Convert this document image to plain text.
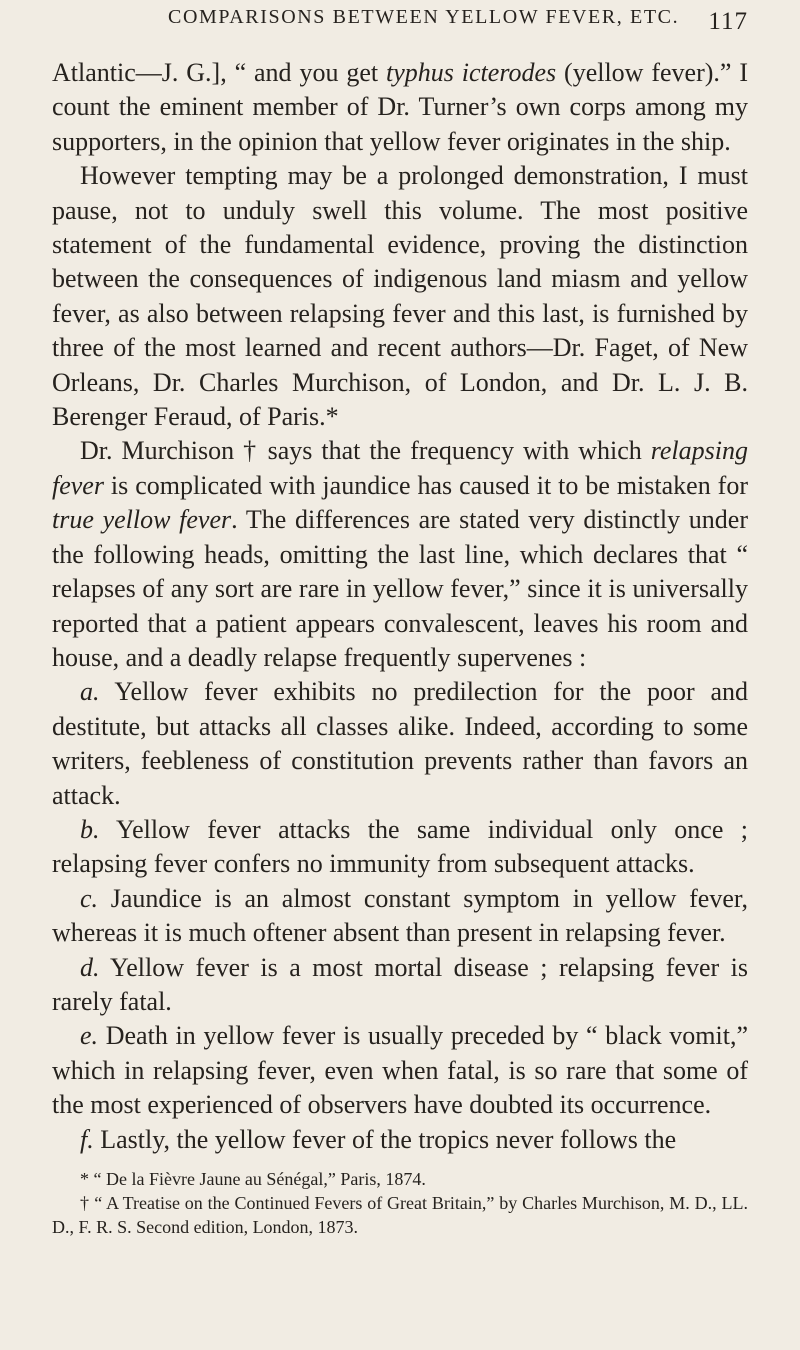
COMPARISONS BETWEEN YELLOW FEVER, ETC. 117

Atlantic—J. G.], “ and you get typhus icterodes (yellow fever).” I count the eminent member of Dr. Turner’s own corps among my supporters, in the opinion that yellow fever originates in the ship.

However tempting may be a prolonged demonstration, I must pause, not to unduly swell this volume. The most positive statement of the fundamental evidence, proving the distinction between the consequences of indigenous land miasm and yellow fever, as also between relapsing fever and this last, is furnished by three of the most learned and recent authors—Dr. Faget, of New Orleans, Dr. Charles Murchison, of London, and Dr. L. J. B. Berenger Feraud, of Paris.*

Dr. Murchison † says that the frequency with which relapsing fever is complicated with jaundice has caused it to be mistaken for true yellow fever. The differences are stated very distinctly under the following heads, omitting the last line, which declares that “ relapses of any sort are rare in yellow fever,” since it is universally reported that a patient appears convalescent, leaves his room and house, and a deadly relapse frequently supervenes :

a. Yellow fever exhibits no predilection for the poor and destitute, but attacks all classes alike. Indeed, according to some writers, feebleness of constitution prevents rather than favors an attack.

b. Yellow fever attacks the same individual only once ; relapsing fever confers no immunity from subsequent attacks.

c. Jaundice is an almost constant symptom in yellow fever, whereas it is much oftener absent than present in relapsing fever.

d. Yellow fever is a most mortal disease ; relapsing fever is rarely fatal.

e. Death in yellow fever is usually preceded by “ black vomit,” which in relapsing fever, even when fatal, is so rare that some of the most experienced of observers have doubted its occurrence.

f. Lastly, the yellow fever of the tropics never follows the

* “ De la Fièvre Jaune au Sénégal,” Paris, 1874.

† “ A Treatise on the Continued Fevers of Great Britain,” by Charles Murchison, M. D., LL. D., F. R. S. Second edition, London, 1873.
